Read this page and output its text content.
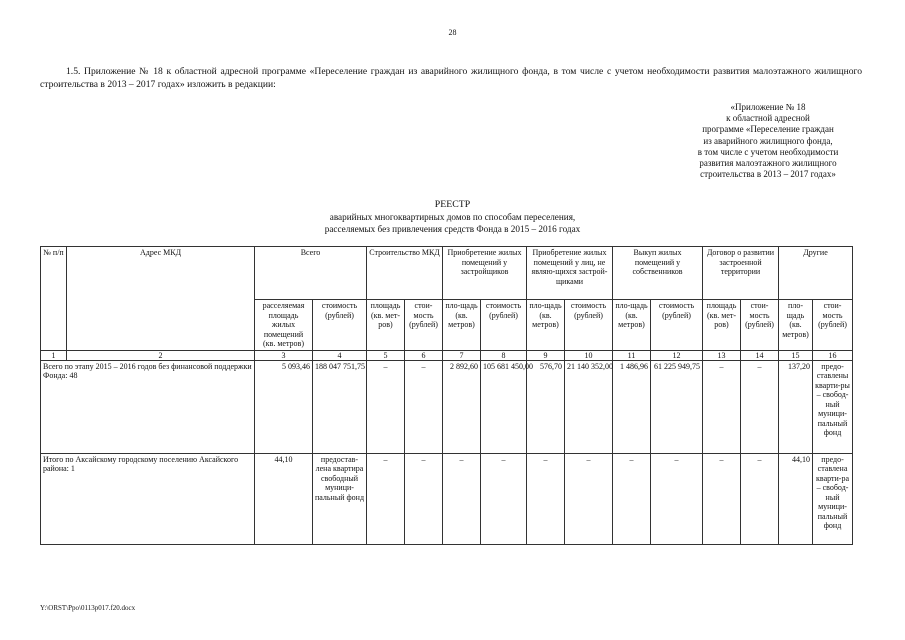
28
1.5. Приложение № 18 к областной адресной программе «Переселение граждан из аварийного жилищного фонда, в том числе с учетом необходимости развития малоэтажного жилищного строительства в 2013 – 2017 годах» изложить в редакции:
«Приложение № 18
к областной адресной
программе «Переселение граждан
из аварийного жилищного фонда,
в том числе с учетом необходимости
развития малоэтажного жилищного
строительства в 2013 – 2017 годах»
РЕЕСТР
аварийных многоквартирных домов по способам переселения,
расселяемых без привлечения средств Фонда в 2015 – 2016 годах
№ п/п	Адрес МКД	Всего		Строительство МКД		Приобретение жилых помещений у застройщиков		Приобретение жилых помещений у лиц, не являю-щихся застрой-щиками		Выкуп жилых помещений у собственников		Договор о развитии застроенной территории		Другие	
		расселяемая площадь жилых помещений (кв. метров)	стоимость (рублей)	площадь (кв. мет-ров)	стои-мость (рублей)	пло-щадь (кв. метров)	стоимость (рублей)	пло-щадь (кв. метров)	стоимость (рублей)	пло-щадь (кв. метров)	стоимость (рублей)	площадь (кв. мет-ров)	стои-мость (рублей)	пло-щадь (кв. метров)	стои-мость (рублей)
1	2	3	4	5	6	7	8	9	10	11	12	13	14	15	16
Всего по этапу 2015 – 2016 годов без финансовой поддержки Фонда: 48		5 093,46	188 047 751,75	–	–	2 892,60	105 681 450,00	576,70	21 140 352,00	1 486,96	61 225 949,75	–	–	137,20	предо-ставлены кварти-ры – свобод-ный муници-пальный фонд
Итого по Аксайскому городскому поселению Аксайского района: 1		44,10	предостав-лена квартира свободный муници-пальный фонд	–	–	–	–	–	–	–	–	–	–	44,10	предо-ставлена кварти-ра – свобод-ный муници-пальный фонд
Y:\ORST\Ppo\0113p017.f20.docx
